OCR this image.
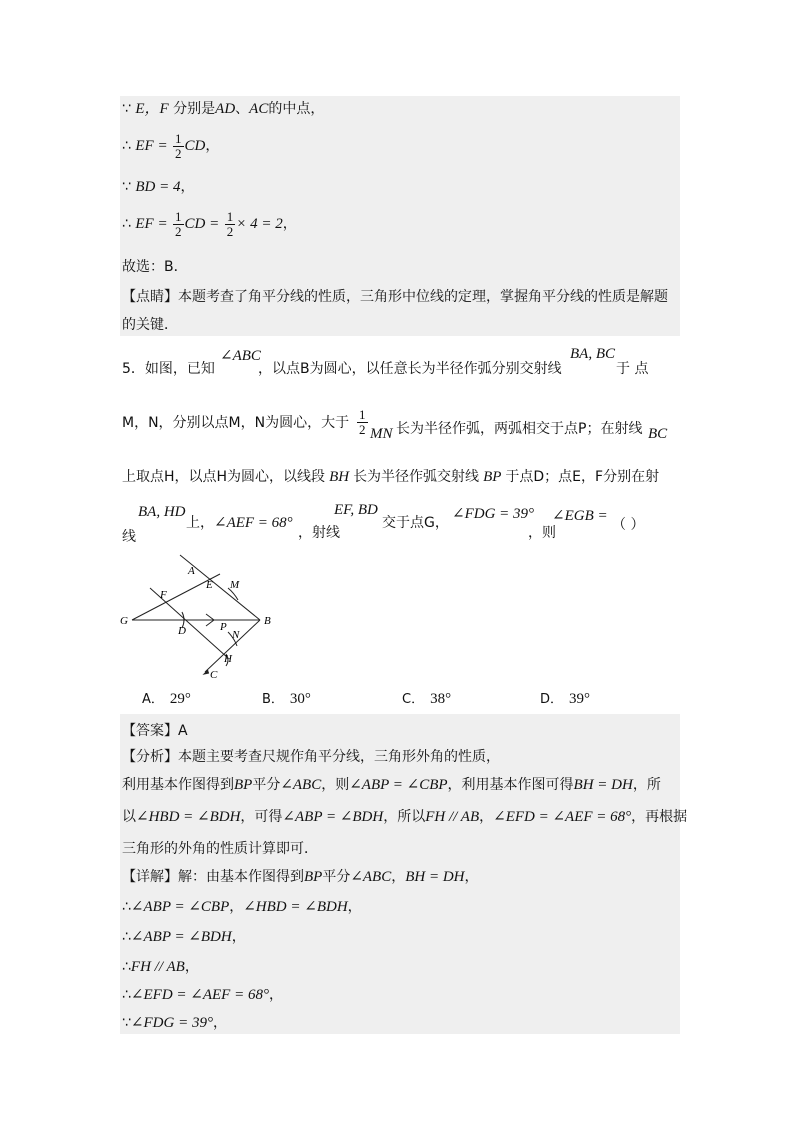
∵ E，F 分别是AD、AC的中点，
∴ EF = $\frac{1}{2}$ CD，
∵ BD = 4，
∴ EF = $\frac{1}{2}$ CD = $\frac{1}{2} \times 4 = 2$，
故选：B．
【点睛】本题考查了角平分线的性质，三角形中位线的定理，掌握角平分线的性质是解题
的关键．
5．如图，已知
∠ABC
，以点B为圆心，以任意长为半径作弧分别交射线
BA, BC
于 点
M，N，分别以点M，N为圆心，大于 $\frac{1}{2}$ MN 长为半径作弧，两弧相交于点P；在射线 BC
上取点H，以点H为圆心，以线段 BH 长为半径作弧交射线 BP 于点D；点E，F分别在射
线
BA, HD
上，∠AEF = 68°
，射线
EF, BD
交于点G，
∠FDG = 39°
，则
∠EGB =
（ ）
A
E M
F
G
D	P
N
B
H
C
A． 29°	B． 30°	C． 38°	D． 39°
【答案】A
【分析】本题主要考查尺规作角平分线，三角形外角的性质，
利用基本作图得到BP平分∠ABC，则∠ABP = ∠CBP，利用基本作图可得BH = DH，所
以∠HBD = ∠BDH，可得∠ABP = ∠BDH，所以FH // AB，∠EFD = ∠AEF = 68°，再根据
三角形的外角的性质计算即可．
【详解】解：由基本作图得到BP平分∠ABC，BH = DH，
∴∠ABP = ∠CBP，∠HBD = ∠BDH，
∴∠ABP = ∠BDH，
∴FH // AB，
∴∠EFD = ∠AEF = 68°，
∵∠FDG = 39°，
